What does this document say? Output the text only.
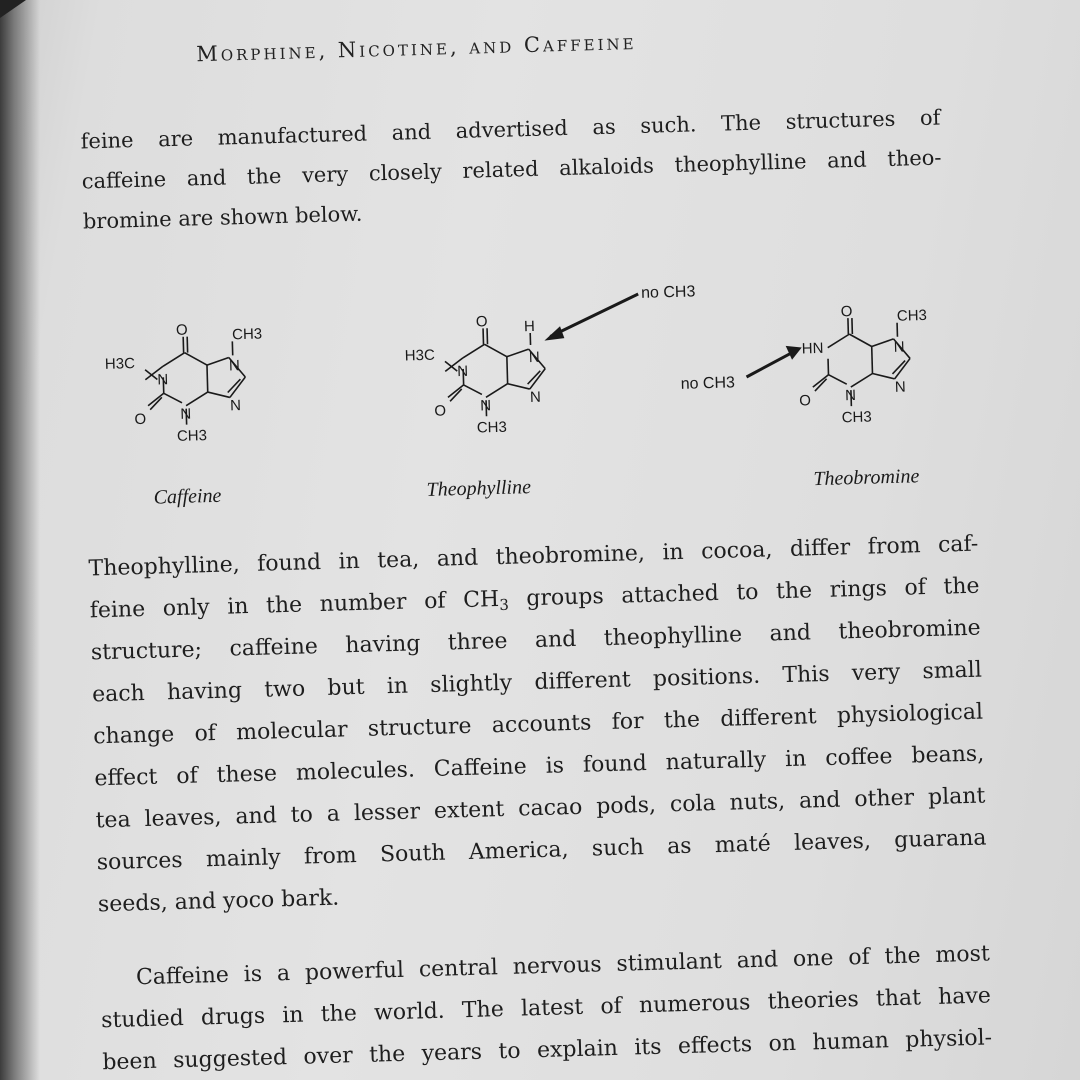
Morphine, Nicotine, and Caffeine
feine are manufactured and advertised as such. The structures of
caffeine and the very closely related alkaloids theophylline and theo-
bromine are shown below.
CH3
O
H3C
N
N
N
N
O
CH3
Caffeine
H
O
H3C
N
N
N
N
O
CH3
no CH3
Theophylline
CH3
O
HN	N
N
N
O
CH3
no CH3
Theobromine
Theophylline, found in tea, and theobromine, in cocoa, differ from caf-
feine only in the number of $CH_3$ groups attached to the rings of the
structure; caffeine having three and theophylline and theobromine
each having two but in slightly different positions. This very small
change of molecular structure accounts for the different physiological
effect of these molecules. Caffeine is found naturally in coffee beans,
tea leaves, and to a lesser extent cacao pods, cola nuts, and other plant
sources mainly from South America, such as maté leaves, guarana
seeds, and yoco bark.
Caffeine is a powerful central nervous stimulant and one of the most
studied drugs in the world. The latest of numerous theories that have
been suggested over the years to explain its effects on human physiol-
